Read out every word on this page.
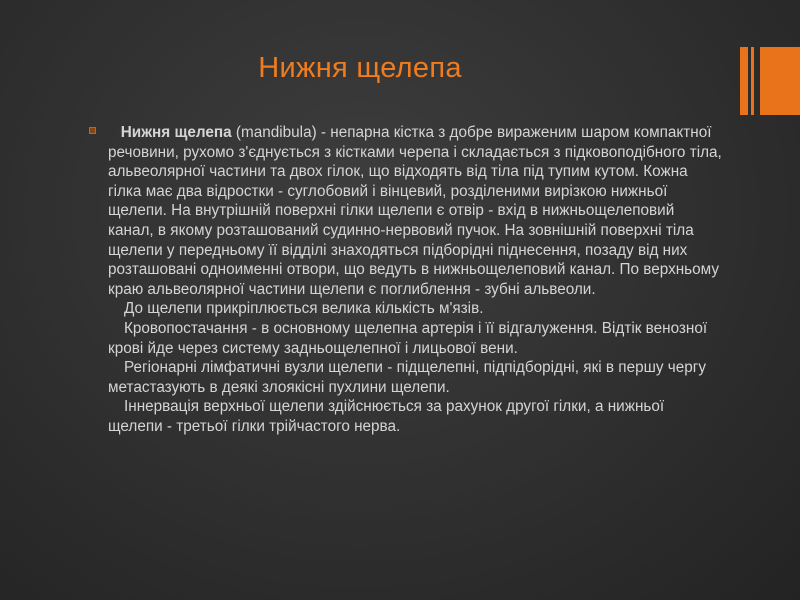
Нижня щелепа

Нижня щелепа (mandibula) - непарна кістка з добре вираженим шаром компактної речовини, рухомо з'єднується з кістками черепа і складається з підковоподібного тіла, альвеолярної частини та двох гілок, що відходять від тіла під тупим кутом. Кожна гілка має два відростки - суглобовий і вінцевий, розділеними вирізкою нижньої щелепи. На внутрішній поверхні гілки щелепи є отвір - вхід в нижньощелеповий канал, в якому розташований судинно-нервовий пучок. На зовнішній поверхні тіла щелепи у передньому її відділі знаходяться підборідні піднесення, позаду від них розташовані одноименні отвори, що ведуть в нижньощелеповий канал. По верхньому краю альвеолярної частини щелепи є поглиблення - зубні альвеоли.

До щелепи прикріплюється велика кількість м'язів.

Кровопостачання - в основному щелепна артерія і її відгалуження. Відтік венозної крові йде через систему задньощелепної і лицьової вени.

Регіонарні лімфатичні вузли щелепи - підщелепні, підпідборідні, які в першу чергу метастазують в деякі злоякісні пухлини щелепи.

Іннервація верхньої щелепи здійснюється за рахунок другої гілки, а нижньої щелепи - третьої гілки трійчастого нерва.
